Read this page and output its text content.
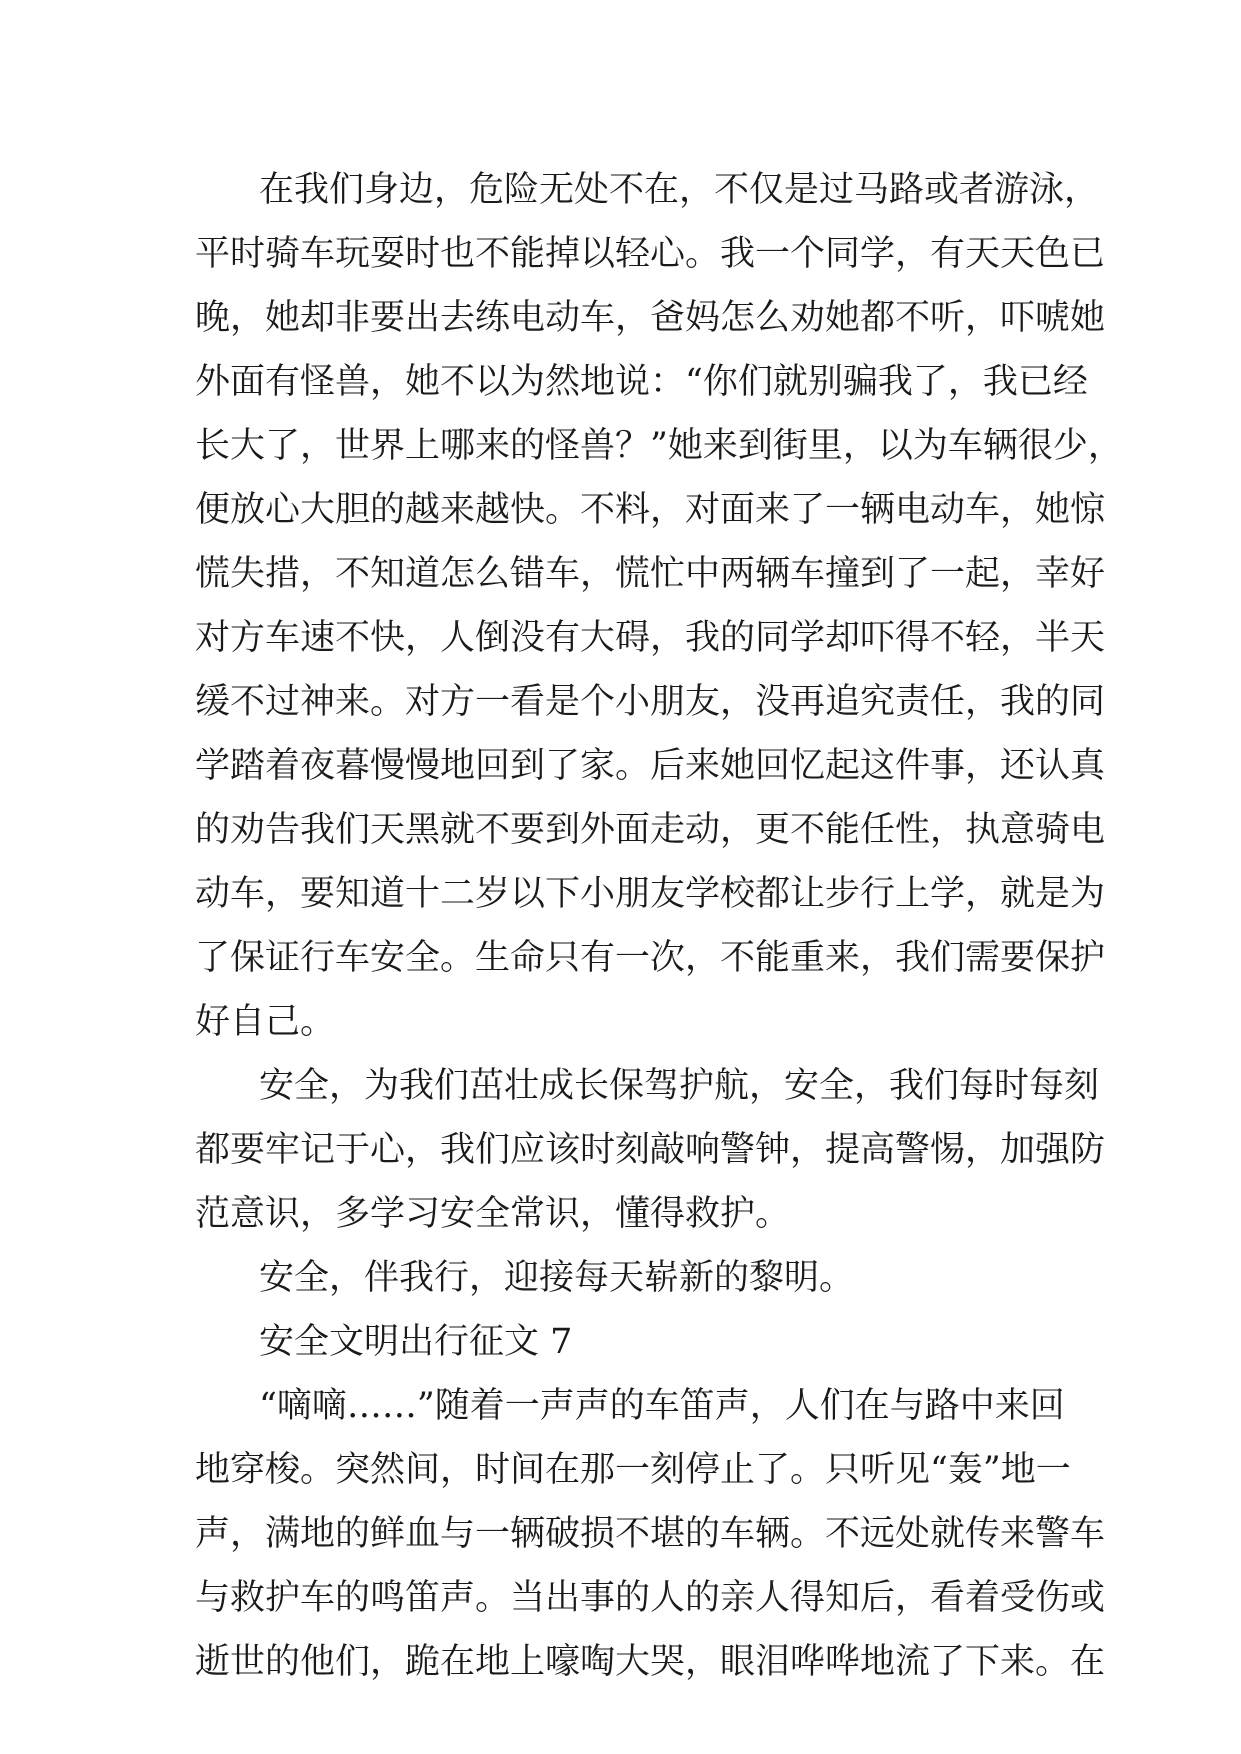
在我们身边，危险无处不在，不仅是过马路或者游泳，
平时骑车玩耍时也不能掉以轻心。我一个同学，有天天色已
晚，她却非要出去练电动车，爸妈怎么劝她都不听，吓唬她
外面有怪兽，她不以为然地说：“你们就别骗我了，我已经
长大了，世界上哪来的怪兽？”她来到街里，以为车辆很少，
便放心大胆的越来越快。不料，对面来了一辆电动车，她惊
慌失措，不知道怎么错车，慌忙中两辆车撞到了一起，幸好
对方车速不快，人倒没有大碍，我的同学却吓得不轻，半天
缓不过神来。对方一看是个小朋友，没再追究责任，我的同
学踏着夜暮慢慢地回到了家。后来她回忆起这件事，还认真
的劝告我们天黑就不要到外面走动，更不能任性，执意骑电
动车，要知道十二岁以下小朋友学校都让步行上学，就是为
了保证行车安全。生命只有一次，不能重来，我们需要保护
好自己。
安全，为我们茁壮成长保驾护航，安全，我们每时每刻
都要牢记于心，我们应该时刻敲响警钟，提高警惕，加强防
范意识，多学习安全常识，懂得救护。
安全，伴我行，迎接每天崭新的黎明。
安全文明出行征文 7
“嘀嘀……”随着一声声的车笛声，人们在与路中来回
地穿梭。突然间，时间在那一刻停止了。只听见“轰”地一
声，满地的鲜血与一辆破损不堪的车辆。不远处就传来警车
与救护车的鸣笛声。当出事的人的亲人得知后，看着受伤或
逝世的他们，跪在地上嚎啕大哭，眼泪哗哗地流了下来。在
